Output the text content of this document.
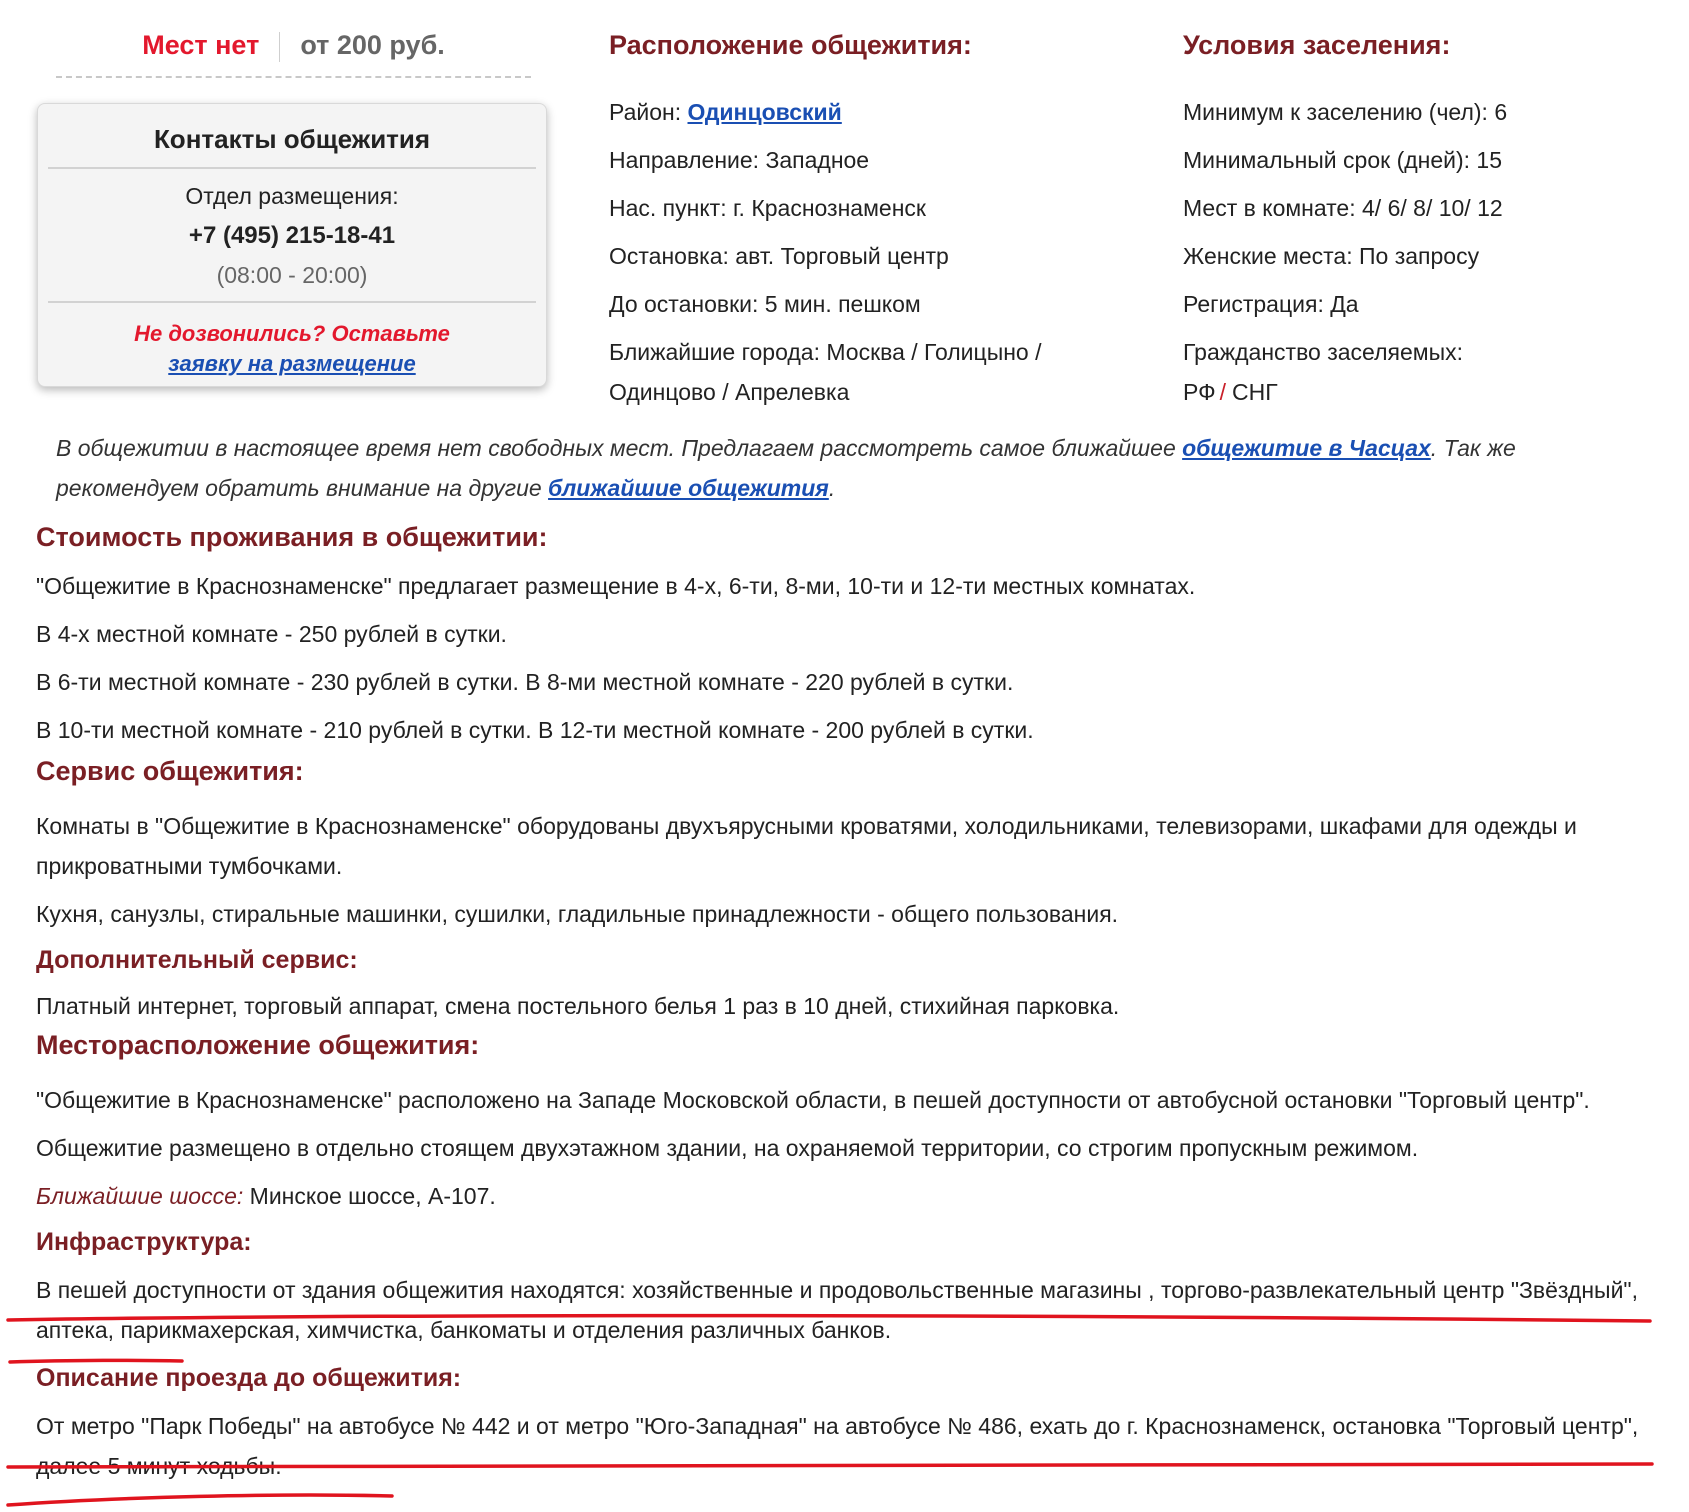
Мест нет	от 200 руб.
Контакты общежития
Отдел размещения:
+7 (495) 215-18-41
(08:00 - 20:00)
Не дозвонились? Оставьте
заявку на размещение
Расположение общежития:
Район: Одинцовский
Направление: Западное
Нас. пункт: г. Краснознаменск
Остановка: авт. Торговый центр
До остановки: 5 мин. пешком
Ближайшие города: Москва / Голицыно /
Одинцово / Апрелевка
Условия заселения:
Минимум к заселению (чел): 6
Минимальный срок (дней): 15
Мест в комнате: 4/ 6/ 8/ 10/ 12
Женские места: По запросу
Регистрация: Да
Гражданство заселяемых:
РФ / СНГ
В общежитии в настоящее время нет свободных мест. Предлагаем рассмотреть самое ближайшее общежитие в Часцах. Так же рекомендуем обратить внимание на другие ближайшие общежития.
Стоимость проживания в общежитии:

"Общежитие в Краснознаменске" предлагает размещение в 4-х, 6-ти, 8-ми, 10-ти и 12-ти местных комнатах.

В 4-х местной комнате - 250 рублей в сутки.

В 6-ти местной комнате - 230 рублей в сутки. В 8-ми местной комнате - 220 рублей в сутки.

В 10-ти местной комнате - 210 рублей в сутки. В 12-ти местной комнате - 200 рублей в сутки.

Сервис общежития:

Комнаты в "Общежитие в Краснознаменске" оборудованы двухъярусными кроватями, холодильниками, телевизорами, шкафами для одежды и прикроватными тумбочками.

Кухня, санузлы, стиральные машинки, сушилки, гладильные принадлежности - общего пользования.

Дополнительный сервис:

Платный интернет, торговый аппарат, смена постельного белья 1 раз в 10 дней, стихийная парковка.

Месторасположение общежития:

"Общежитие в Краснознаменске" расположено на Западе Московской области, в пешей доступности от автобусной остановки "Торговый центр".

Общежитие размещено в отдельно стоящем двухэтажном здании, на охраняемой территории, со строгим пропускным режимом.

Ближайшие шоссе: Минское шоссе, А-107.

Инфраструктура:

В пешей доступности от здания общежития находятся: хозяйственные и продовольственные магазины , торгово-развлекательный центр "Звёздный", аптека, парикмахерская, химчистка, банкоматы и отделения различных банков.

Описание проезда до общежития:

От метро "Парк Победы" на автобусе № 442 и от метро "Юго-Западная" на автобусе № 486, ехать до г. Краснознаменск, остановка "Торговый центр", далее 5 минут ходьбы.
